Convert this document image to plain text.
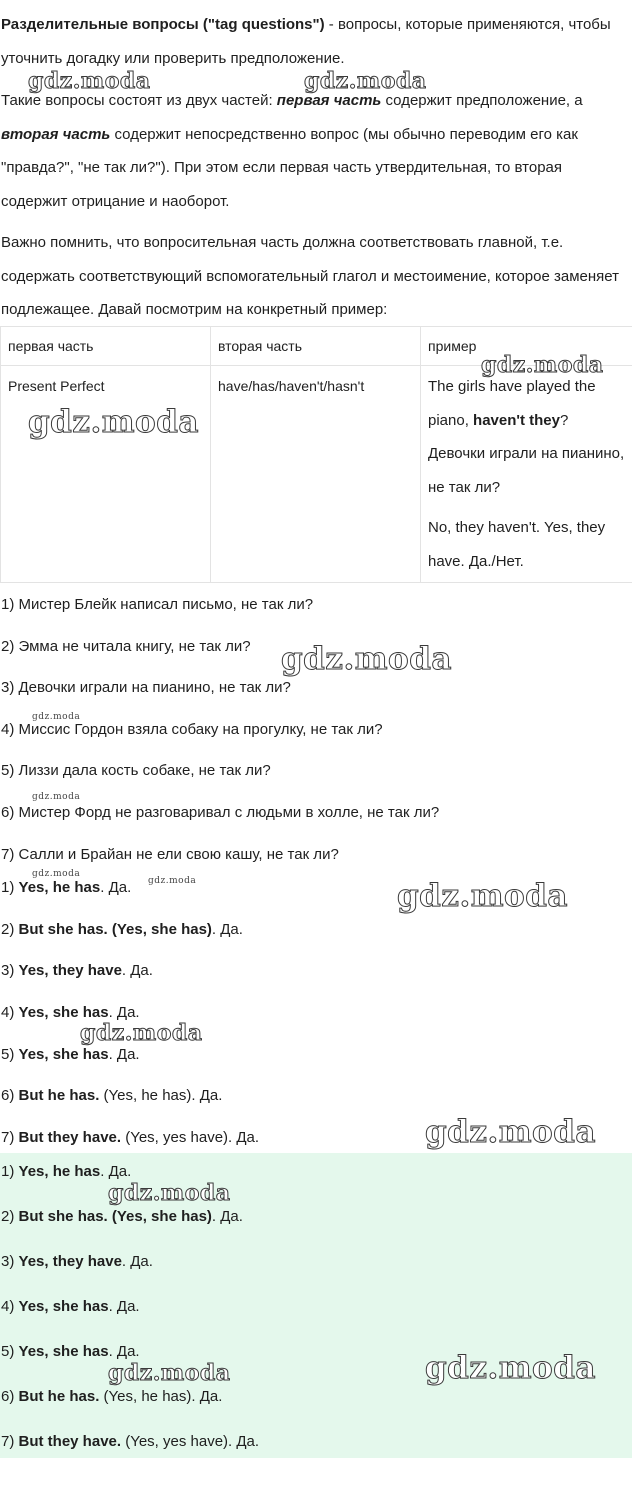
Разделительные вопросы ("tag questions") - вопросы, которые применяются, чтобы уточнить догадку или проверить предположение.

Такие вопросы состоят из двух частей: первая часть содержит предположение, а вторая часть содержит непосредственно вопрос (мы обычно переводим его как "правда?", "не так ли?"). При этом если первая часть утвердительная, то вторая содержит отрицание и наоборот.

Важно помнить, что вопросительная часть должна соответствовать главной, т.е. содержать соответствующий вспомогательный глагол и местоимение, которое заменяет подлежащее. Давай посмотрим на конкретный пример:

первая часть	вторая часть	пример
Present Perfect	have/has/haven't/hasn't	The girls have played the piano, haven't they?
Девочки играли на пианино, не так ли?
No, they haven't. Yes, they have. Да./Нет.
1) Мистер Блейк написал письмо, не так ли?
2) Эмма не читала книгу, не так ли?
3) Девочки играли на пианино, не так ли?
4) Миссис Гордон взяла собаку на прогулку, не так ли?
5) Лиззи дала кость собаке, не так ли?
6) Мистер Форд не разговаривал с людьми в холле, не так ли?
7) Салли и Брайан не ели свою кашу, не так ли?
1) Yes, he has. Да.
2) But she has. (Yes, she has). Да.
3) Yes, they have. Да.
4) Yes, she has. Да.
5) Yes, she has. Да.
6) But he has. (Yes, he has). Да.
7) But they have. (Yes, yes have). Да.
1) Yes, he has. Да.
2) But she has. (Yes, she has). Да.
3) Yes, they have. Да.
4) Yes, she has. Да.
5) Yes, she has. Да.
6) But he has. (Yes, he has). Да.
7) But they have. (Yes, yes have). Да.
gdz.moda	gdz.moda
gdz.moda
gdz.moda
gdz.moda
gdz.moda
gdz.moda
gdz.moda
gdz.moda	gdz.moda
gdz.moda
gdz.moda
gdz.moda
gdz.moda
gdz.moda
